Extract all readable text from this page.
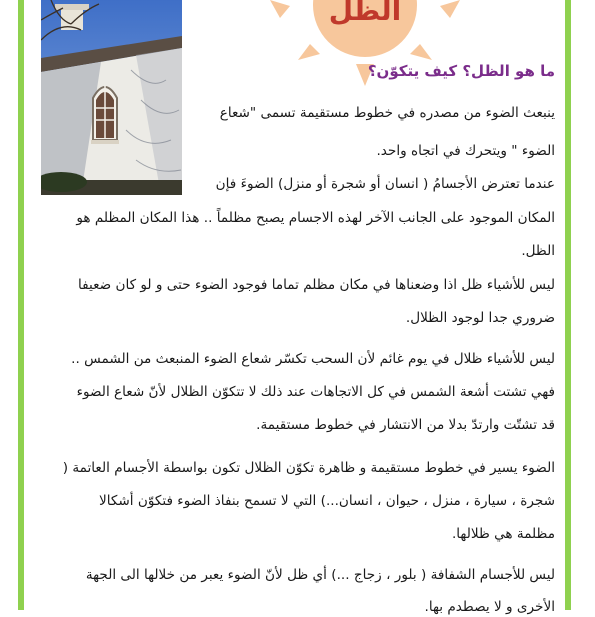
الظل
ما هو الظل؟ كيف يتكوّن؟
ينبعث الضوء من مصدره في خطوط مستقيمة تسمى "شعاع
الضوء " ويتحرك في اتجاه واحد.
عندما تعترض الأجسامُ ( انسان أو شجرة أو منزل) الضوءَ فإن
المكان الموجود على الجانب الآخر لهذه الاجسام يصبح مظلماً .. هذا المكان المظلم هو
الظل.
ليس للأشياء ظل اذا وضعناها في مكان مظلم تماما فوجود الضوء حتى و لو كان ضعيفا
ضروري جدا لوجود الظلال.
ليس للأشياء ظلال في يوم غائم لأن السحب تكسّر شعاع الضوء المنبعث من الشمس ..
فهي تشتت أشعة الشمس في كل الاتجاهات عند ذلك لا تتكوّن الظلال لأنّ شعاع الضوء
قد تشتّت وارتدّ بدلا من الانتشار في خطوط مستقيمة.
الضوء يسير في خطوط مستقيمة و ظاهرة تكوّن الظلال تكون بواسطة الأجسام العاتمة (
شجرة ، سيارة ، منزل ، حيوان ، انسان...) التي لا تسمح بنفاذ الضوء فتكوّن أشكالا
مظلمة هي ظلالها.
ليس للأجسام الشفافة ( بلور ، زجاج ...) أي ظل لأنّ الضوء يعبر من خلالها الى الجهة
الأخرى و لا يصطدم بها.
